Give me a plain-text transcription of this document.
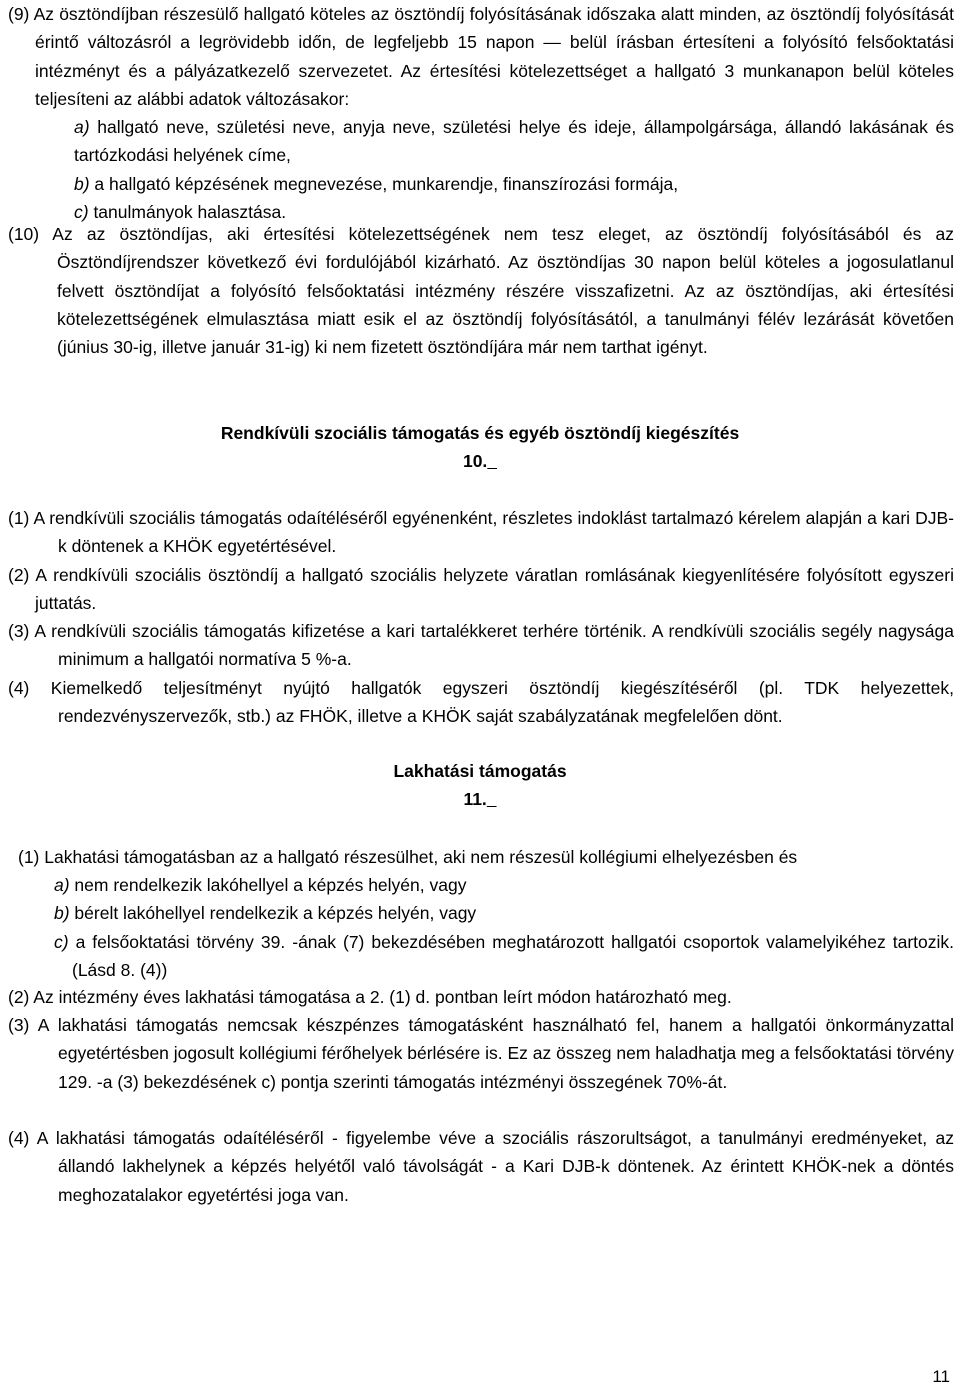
(9) Az ösztöndíjban részesülő hallgató köteles az ösztöndíj folyósításának időszaka alatt minden, az ösztöndíj folyósítását érintő változásról a legrövidebb időn, de legfeljebb 15 napon — belül írásban értesíteni a folyósító felsőoktatási intézményt és a pályázatkezelő szervezetet. Az értesítési kötelezettséget a hallgató 3 munkanapon belül köteles teljesíteni az alábbi adatok változásakor:
a) hallgató neve, születési neve, anyja neve, születési helye és ideje, állampolgársága, állandó lakásának és tartózkodási helyének címe,
b) a hallgató képzésének megnevezése, munkarendje, finanszírozási formája,
c) tanulmányok halasztása.
(10) Az az ösztöndíjas, aki értesítési kötelezettségének nem tesz eleget, az ösztöndíj folyósításából és az Ösztöndíjrendszer következő évi fordulójából kizárható. Az ösztöndíjas 30 napon belül köteles a jogosulatlanul felvett ösztöndíjat a folyósító felsőoktatási intézmény részére visszafizetni. Az az ösztöndíjas, aki értesítési kötelezettségének elmulasztása miatt esik el az ösztöndíj folyósításától, a tanulmányi félév lezárását követően (június 30-ig, illetve január 31-ig) ki nem fizetett ösztöndíjára már nem tarthat igényt.
Rendkívüli szociális támogatás és egyéb ösztöndíj kiegészítés
10.
(1) A rendkívüli szociális támogatás odaítéléséről egyénenként, részletes indoklást tartalmazó kérelem alapján a kari DJB-k döntenek a KHÖK egyetértésével.
(2) A rendkívüli szociális ösztöndíj a hallgató szociális helyzete váratlan romlásának kiegyenlítésére folyósított egyszeri juttatás.
(3) A rendkívüli szociális támogatás kifizetése a kari tartalékkeret terhére történik. A rendkívüli szociális segély nagysága minimum a hallgatói normatíva 5 %-a.
(4) Kiemelkedő teljesítményt nyújtó hallgatók egyszeri ösztöndíj kiegészítéséről (pl. TDK helyezettek, rendezvényszervezők, stb.) az FHÖK, illetve a KHÖK saját szabályzatának megfelelően dönt.
Lakhatási támogatás
11.
(1) Lakhatási támogatásban az a hallgató részesülhet, aki nem részesül kollégiumi elhelyezésben és
a) nem rendelkezik lakóhellyel a képzés helyén, vagy
b) bérelt lakóhellyel rendelkezik a képzés helyén, vagy
c) a felsőoktatási törvény 39. -ának (7) bekezdésében meghatározott hallgatói csoportok valamelyikéhez tartozik. (Lásd 8. (4))
(2) Az intézmény éves lakhatási támogatása a 2. (1) d. pontban leírt módon határozható meg.
(3) A lakhatási támogatás nemcsak készpénzes támogatásként használható fel, hanem a hallgatói önkormányzattal egyetértésben jogosult kollégiumi férőhelyek bérlésére is. Ez az összeg nem haladhatja meg a felsőoktatási törvény 129. -a (3) bekezdésének c) pontja szerinti támogatás intézményi összegének 70%-át.
(4) A lakhatási támogatás odaítéléséről - figyelembe véve a szociális rászorultságot, a tanulmányi eredményeket, az állandó lakhelynek a képzés helyétől való távolságát - a Kari DJB-k döntenek. Az érintett KHÖK-nek a döntés meghozatalakor egyetértési joga van.
11
